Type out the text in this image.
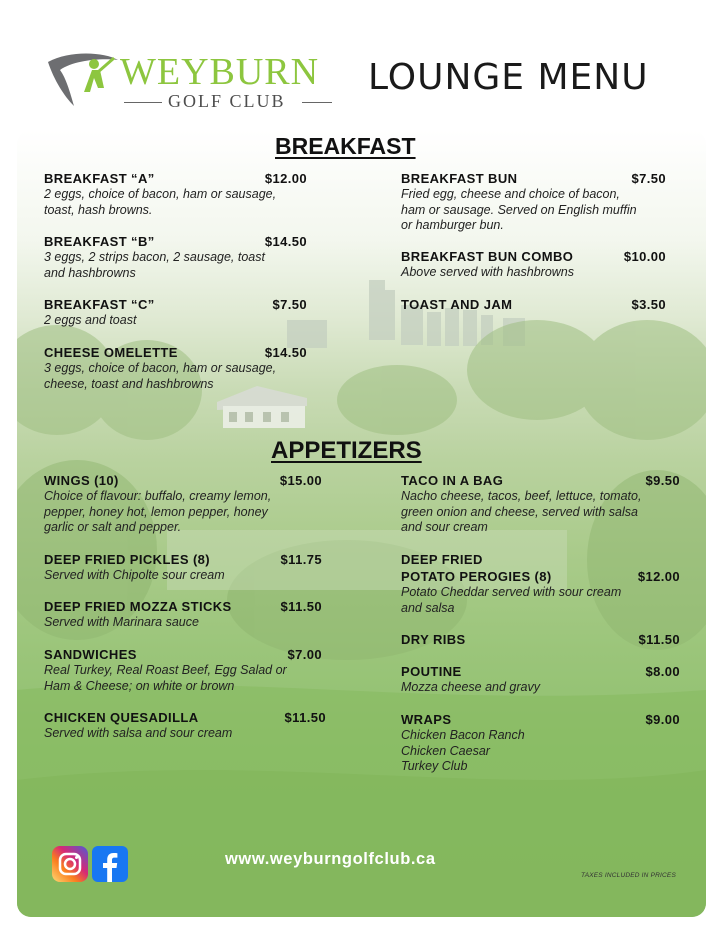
WEYBURN
GOLF CLUB
LOUNGE MENU
BREAKFAST
BREAKFAST “A”	$12.00
2 eggs, choice of bacon, ham or sausage,
toast, hash browns.
BREAKFAST “B”	$14.50
3 eggs, 2 strips bacon, 2 sausage, toast
and hashbrowns
BREAKFAST “C”	$7.50
2 eggs and toast
CHEESE OMELETTE	$14.50
3 eggs, choice of bacon, ham or sausage,
cheese, toast and hashbrowns
BREAKFAST BUN	$7.50
Fried egg, cheese and choice of bacon,
ham or sausage. Served on English muffin
or hamburger bun.
BREAKFAST BUN COMBO	$10.00
Above served with hashbrowns
TOAST AND JAM	$3.50
APPETIZERS
WINGS (10)	$15.00
Choice of flavour: buffalo, creamy lemon,
pepper, honey hot, lemon pepper, honey
garlic or salt and pepper.
DEEP FRIED PICKLES (8)	$11.75
Served with Chipolte sour cream
DEEP FRIED MOZZA STICKS	$11.50
Served with Marinara sauce
SANDWICHES	$7.00
Real Turkey, Real Roast Beef, Egg Salad or
Ham & Cheese; on white or brown
CHICKEN QUESADILLA	$11.50
Served with salsa and sour cream
TACO IN A BAG	$9.50
Nacho cheese, tacos, beef, lettuce, tomato,
green onion and cheese, served with salsa
and sour cream
DEEP FRIED
POTATO PEROGIES (8)	$12.00
Potato Cheddar served with sour cream
and salsa
DRY RIBS	$11.50
POUTINE	$8.00
Mozza cheese and gravy
WRAPS	$9.00
Chicken Bacon Ranch
Chicken Caesar
Turkey Club
www.weyburngolfclub.ca
TAXES INCLUDED IN PRICES
